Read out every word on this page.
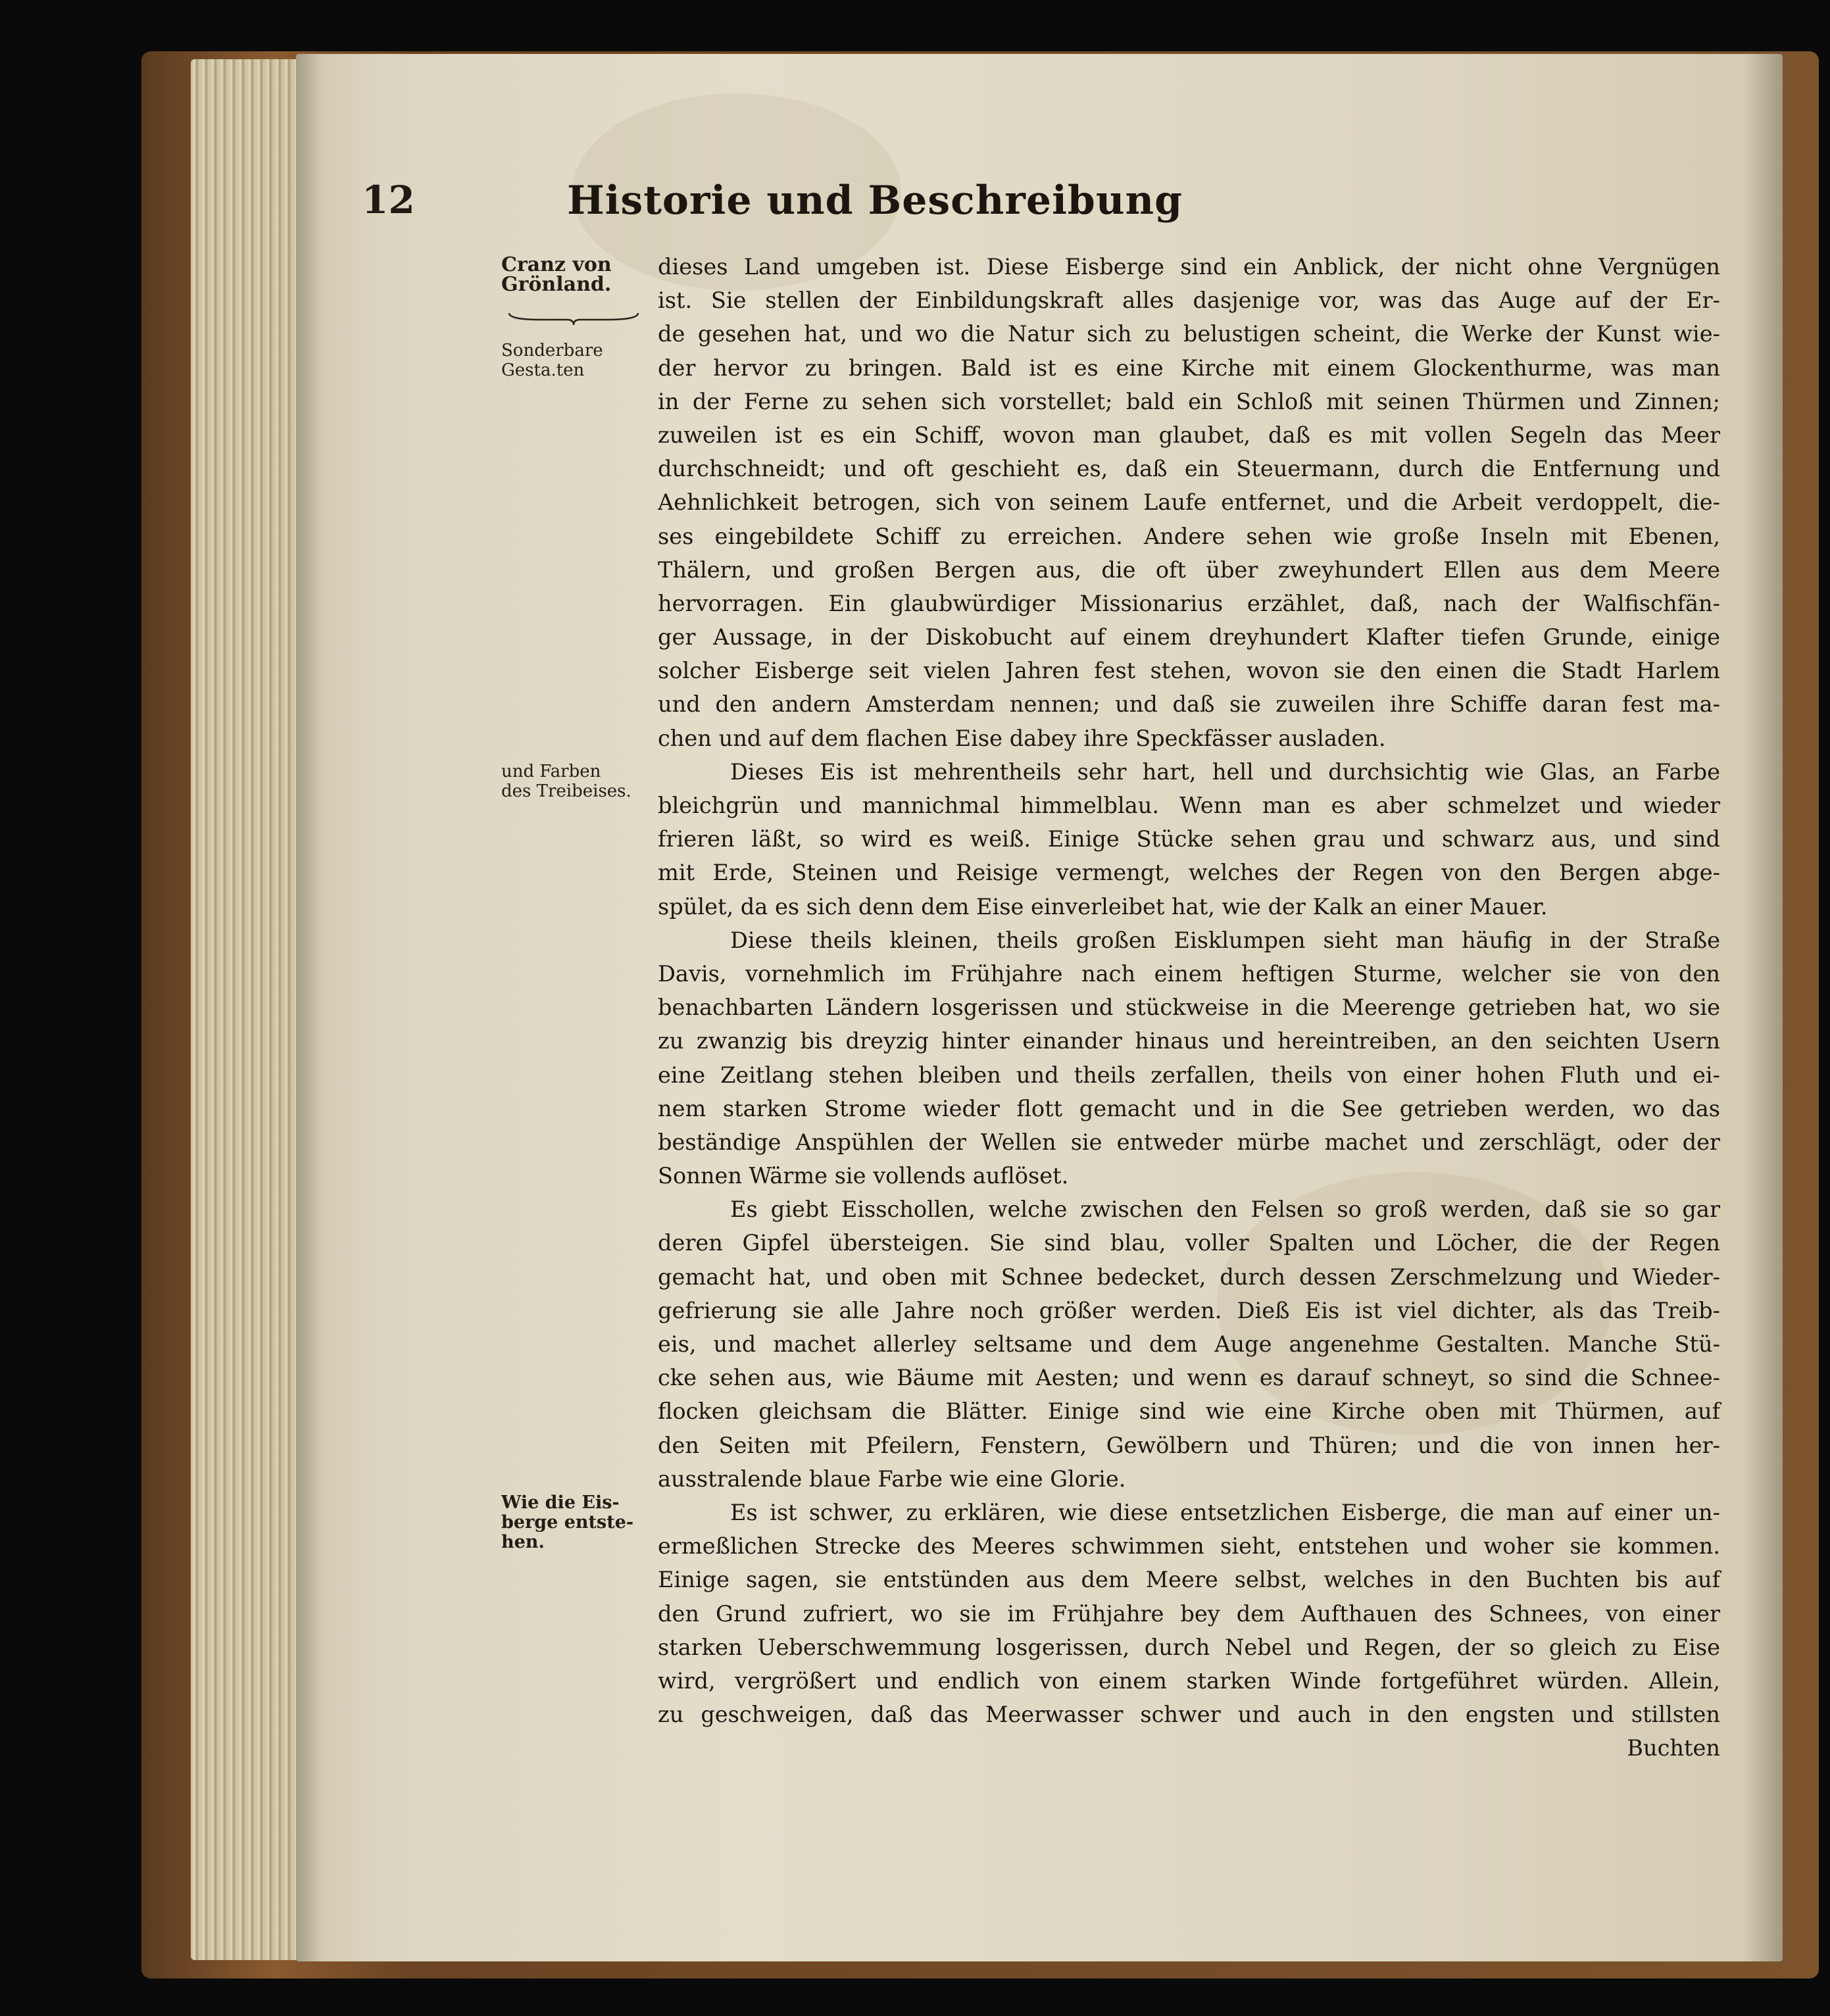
12	Historie und Beschreibung
Cranz von
Grönland.
Sonderbare
Gesta.ten
und Farben
des Treibeises.
Wie die Eis-
berge entste-
hen.
dieses Land umgeben ist. Diese Eisberge sind ein Anblick, der nicht ohne Vergnügen
ist. Sie stellen der Einbildungskraft alles dasjenige vor, was das Auge auf der Er-
de gesehen hat, und wo die Natur sich zu belustigen scheint, die Werke der Kunst wie-
der hervor zu bringen. Bald ist es eine Kirche mit einem Glockenthurme, was man
in der Ferne zu sehen sich vorstellet; bald ein Schloß mit seinen Thürmen und Zinnen;
zuweilen ist es ein Schiff, wovon man glaubet, daß es mit vollen Segeln das Meer
durchschneidt; und oft geschieht es, daß ein Steuermann, durch die Entfernung und
Aehnlichkeit betrogen, sich von seinem Laufe entfernet, und die Arbeit verdoppelt, die-
ses eingebildete Schiff zu erreichen. Andere sehen wie große Inseln mit Ebenen,
Thälern, und großen Bergen aus, die oft über zweyhundert Ellen aus dem Meere
hervorragen. Ein glaubwürdiger Missionarius erzählet, daß, nach der Walfischfän-
ger Aussage, in der Diskobucht auf einem dreyhundert Klafter tiefen Grunde, einige
solcher Eisberge seit vielen Jahren fest stehen, wovon sie den einen die Stadt Harlem
und den andern Amsterdam nennen; und daß sie zuweilen ihre Schiffe daran fest ma-
chen und auf dem flachen Eise dabey ihre Speckfässer ausladen.
Dieses Eis ist mehrentheils sehr hart, hell und durchsichtig wie Glas, an Farbe
bleichgrün und mannichmal himmelblau. Wenn man es aber schmelzet und wieder
frieren läßt, so wird es weiß. Einige Stücke sehen grau und schwarz aus, und sind
mit Erde, Steinen und Reisige vermengt, welches der Regen von den Bergen abge-
spület, da es sich denn dem Eise einverleibet hat, wie der Kalk an einer Mauer.
Diese theils kleinen, theils großen Eisklumpen sieht man häufig in der Straße
Davis, vornehmlich im Frühjahre nach einem heftigen Sturme, welcher sie von den
benachbarten Ländern losgerissen und stückweise in die Meerenge getrieben hat, wo sie
zu zwanzig bis dreyzig hinter einander hinaus und hereintreiben, an den seichten Usern
eine Zeitlang stehen bleiben und theils zerfallen, theils von einer hohen Fluth und ei-
nem starken Strome wieder flott gemacht und in die See getrieben werden, wo das
beständige Anspühlen der Wellen sie entweder mürbe machet und zerschlägt, oder der
Sonnen Wärme sie vollends auflöset.
Es giebt Eisschollen, welche zwischen den Felsen so groß werden, daß sie so gar
deren Gipfel übersteigen. Sie sind blau, voller Spalten und Löcher, die der Regen
gemacht hat, und oben mit Schnee bedecket, durch dessen Zerschmelzung und Wieder-
gefrierung sie alle Jahre noch größer werden. Dieß Eis ist viel dichter, als das Treib-
eis, und machet allerley seltsame und dem Auge angenehme Gestalten. Manche Stü-
cke sehen aus, wie Bäume mit Aesten; und wenn es darauf schneyt, so sind die Schnee-
flocken gleichsam die Blätter. Einige sind wie eine Kirche oben mit Thürmen, auf
den Seiten mit Pfeilern, Fenstern, Gewölbern und Thüren; und die von innen her-
ausstralende blaue Farbe wie eine Glorie.
Es ist schwer, zu erklären, wie diese entsetzlichen Eisberge, die man auf einer un-
ermeßlichen Strecke des Meeres schwimmen sieht, entstehen und woher sie kommen.
Einige sagen, sie entstünden aus dem Meere selbst, welches in den Buchten bis auf
den Grund zufriert, wo sie im Frühjahre bey dem Aufthauen des Schnees, von einer
starken Ueberschwemmung losgerissen, durch Nebel und Regen, der so gleich zu Eise
wird, vergrößert und endlich von einem starken Winde fortgeführet würden. Allein,
zu geschweigen, daß das Meerwasser schwer und auch in den engsten und stillsten
Buchten
